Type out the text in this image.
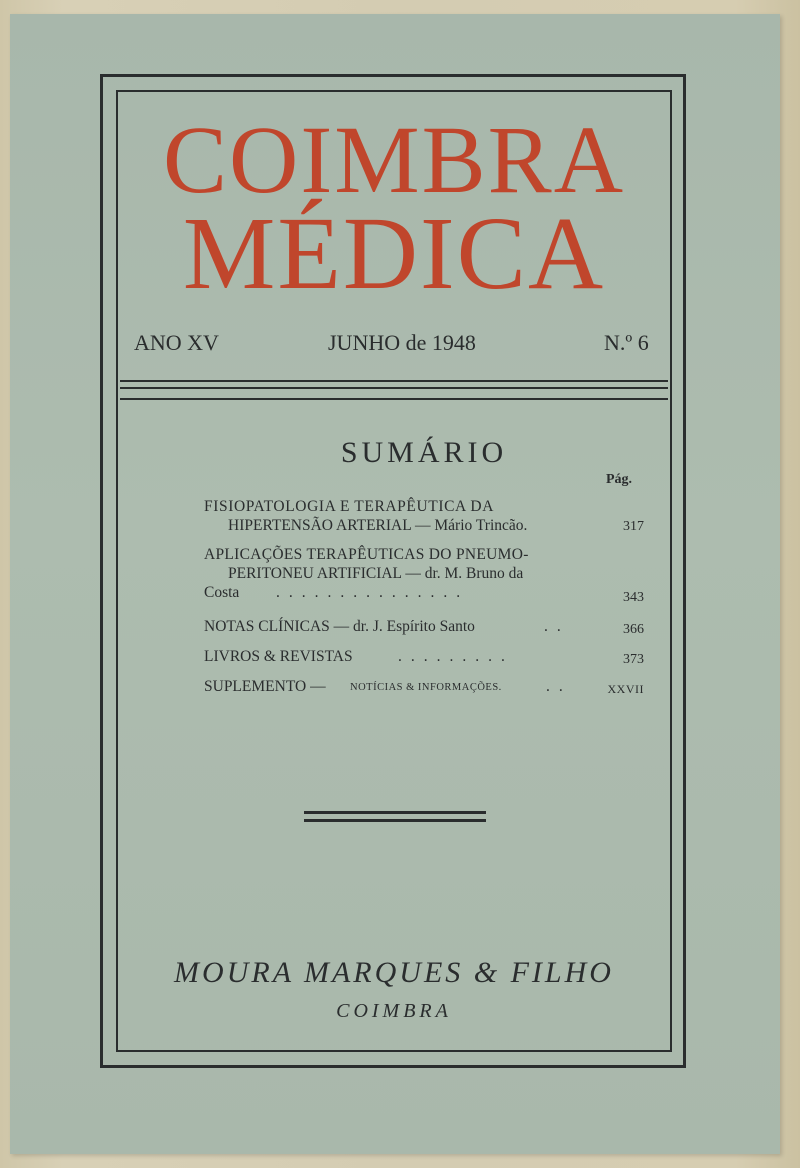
COIMBRA
MÉDICA
ANO XV	JUNHO de 1948	N.º 6
SUMÁRIO
Pág.
FISIOPATOLOGIA E TERAPÊUTICA DA
HIPERTENSÃO ARTERIAL — Mário Trincão.	317
APLICAÇÕES TERAPÊUTICAS DO PNEUMO-
PERITONEU ARTIFICIAL — dr. M. Bruno da
Costa	...............	343
NOTAS CLÍNICAS — dr. J. Espírito Santo	..	366
LIVROS & REVISTAS	.........	373
SUPLEMENTO —	NOTÍCIAS & INFORMAÇÕES.	..	XXVII
MOURA MARQUES & FILHO
COIMBRA
